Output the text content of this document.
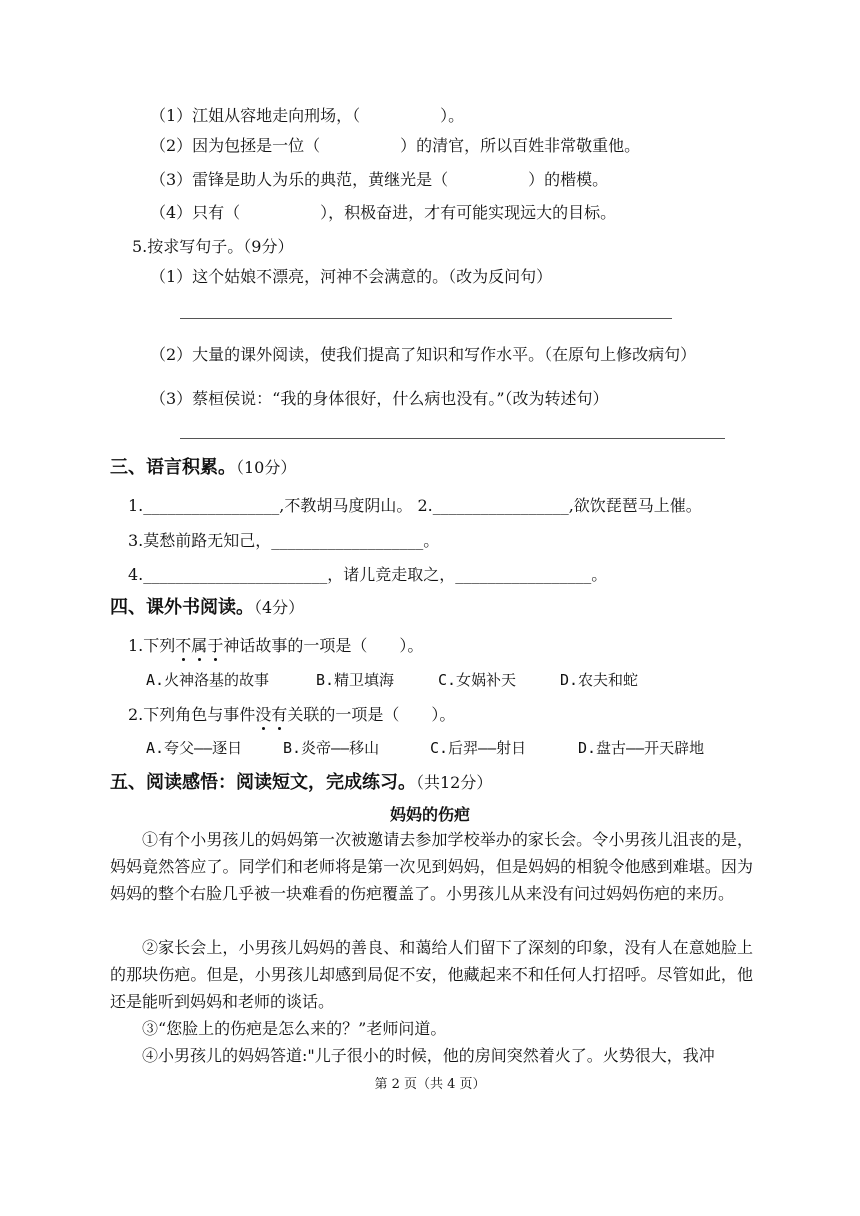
（1）江姐从容地走向刑场，（　　　　　）。
（2）因为包拯是一位（　　　　　）的清官，所以百姓非常敬重他。
（3）雷锋是助人为乐的典范，黄继光是（　　　　　）的楷模。
（4）只有（　　　　　），积极奋进，才有可能实现远大的目标。
5.按求写句子。（9分）
（1）这个姑娘不漂亮，河神不会满意的。（改为反问句）
（2）大量的课外阅读，使我们提高了知识和写作水平。（在原句上修改病句）
（3）蔡桓侯说：“我的身体很好，什么病也没有。”（改为转述句）
三、语言积累。（10分）
1._________________,不教胡马度阴山。 2._________________,欲饮琵琶马上催。
3.莫愁前路无知己，___________________。
4._______________________，诸儿竞走取之，_________________。
四、课外书阅读。（4分）
1.下列不属于神话故事的一项是（　　）。
A.火神洛基的故事	B.精卫填海	C.女娲补天	D.农夫和蛇
2.下列角色与事件没有关联的一项是（　　）。
A.夸父——逐日	B.炎帝——移山	C.后羿——射日	D.盘古——开天辟地
五、阅读感悟：阅读短文，完成练习。（共12分）
妈妈的伤疤
①有个小男孩儿的妈妈第一次被邀请去参加学校举办的家长会。令小男孩儿沮丧的是，妈妈竟然答应了。同学们和老师将是第一次见到妈妈，但是妈妈的相貌令他感到难堪。因为妈妈的整个右脸几乎被一块难看的伤疤覆盖了。小男孩儿从来没有问过妈妈伤疤的来历。
②家长会上，小男孩儿妈妈的善良、和蔼给人们留下了深刻的印象，没有人在意她脸上的那块伤疤。但是，小男孩儿却感到局促不安，他藏起来不和任何人打招呼。尽管如此，他还是能听到妈妈和老师的谈话。
③“您脸上的伤疤是怎么来的？”老师问道。
④小男孩儿的妈妈答道:"儿子很小的时候，他的房间突然着火了。火势很大，我冲
第 2 页（共 4 页）
